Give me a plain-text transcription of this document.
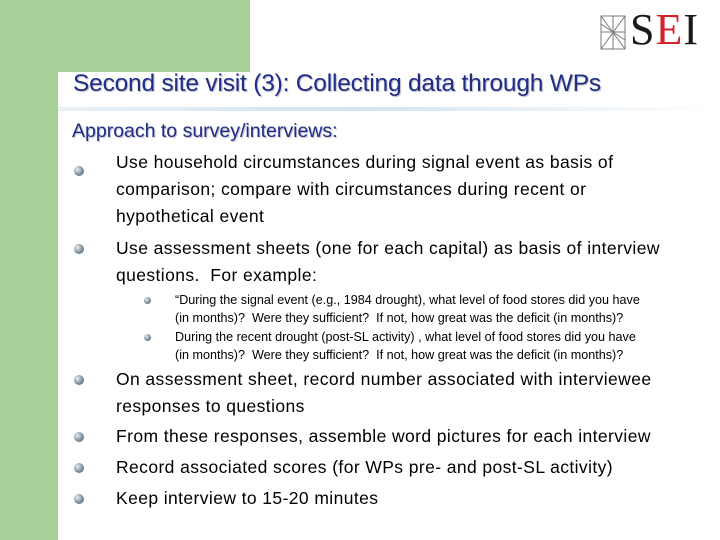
SEI
Second site visit (3): Collecting data through WPs
Approach to survey/interviews:
Use household circumstances during signal event as basis of
comparison; compare with circumstances during recent or
hypothetical event
Use assessment sheets (one for each capital) as basis of interview
questions.  For example:
“During the signal event (e.g., 1984 drought), what level of food stores did you have
(in months)?  Were they sufficient?  If not, how great was the deficit (in months)?
During the recent drought (post-SL activity) , what level of food stores did you have
(in months)?  Were they sufficient?  If not, how great was the deficit (in months)?
On assessment sheet, record number associated with interviewee
responses to questions
From these responses, assemble word pictures for each interview
Record associated scores (for WPs pre- and post-SL activity)
Keep interview to 15-20 minutes
